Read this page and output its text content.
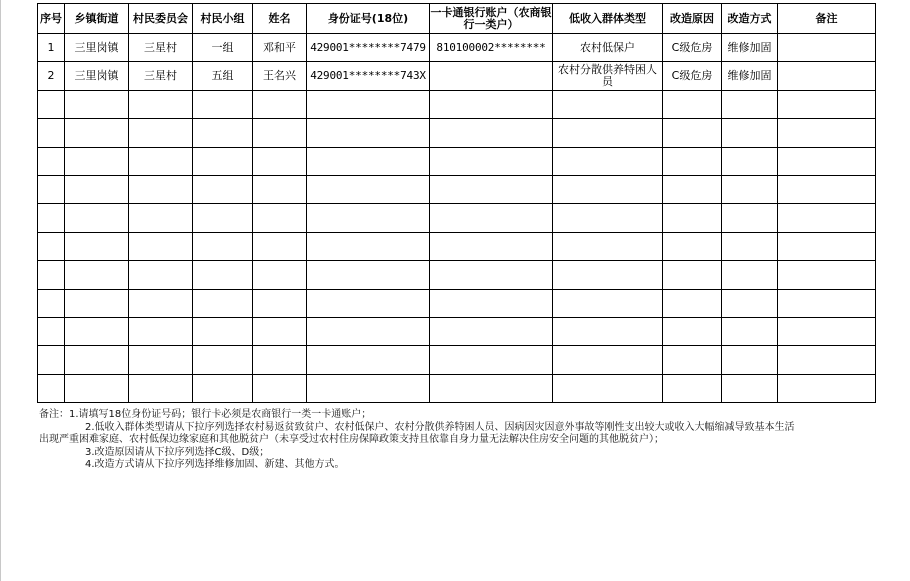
序号	乡镇街道	村民委员会	村民小组	姓名	身份证号(18位)	一卡通银行账户（农商银行一类户）	低收入群体类型	改造原因	改造方式	备注
1	三里岗镇	三星村	一组	邓和平	429001********7479	810100002********	农村低保户	C级危房	维修加固	
2	三里岗镇	三星村	五组	王名兴	429001********743X		农村分散供养特困人员	C级危房	维修加固	

备注：1.请填写18位身份证号码；银行卡必须是农商银行一类一卡通账户；
2.低收入群体类型请从下拉序列选择农村易返贫致贫户、农村低保户、农村分散供养特困人员、因病因灾因意外事故等刚性支出较大或收入大幅缩减导致基本生活
出现严重困难家庭、农村低保边缘家庭和其他脱贫户（未享受过农村住房保障政策支持且依靠自身力量无法解决住房安全问题的其他脱贫户）；
3.改造原因请从下拉序列选择C级、D级；
4.改造方式请从下拉序列选择维修加固、新建、其他方式。
